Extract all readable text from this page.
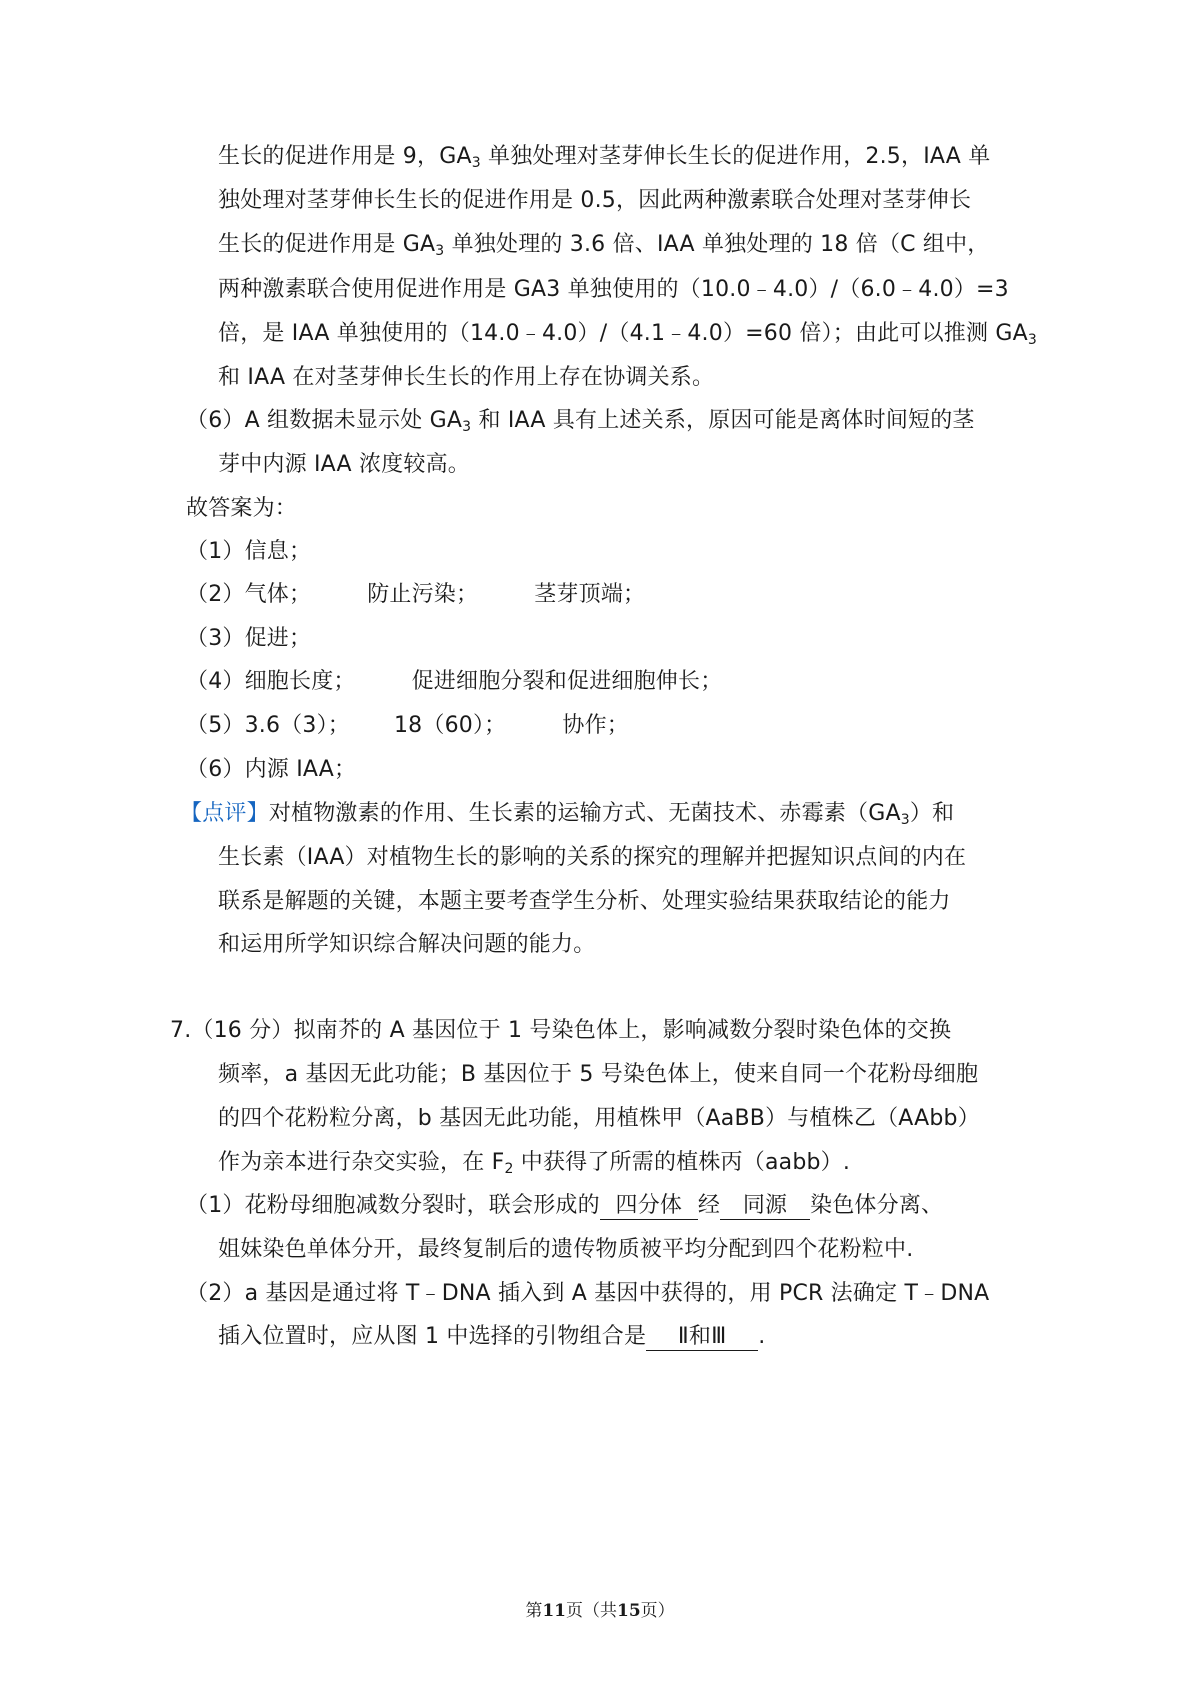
生长的促进作用是 9，$GA_3$ 单独处理对茎芽伸长生长的促进作用，2.5，IAA 单
独处理对茎芽伸长生长的促进作用是 0.5，因此两种激素联合处理对茎芽伸长
生长的促进作用是 $GA_3$ 单独处理的 3.6 倍、IAA 单独处理的 18 倍（C 组中，
两种激素联合使用促进作用是 GA3 单独使用的（10.0﹣4.0）/（6.0﹣4.0）=3
倍，是 IAA 单独使用的（14.0﹣4.0）/（4.1﹣4.0）=60 倍）；由此可以推测 $GA_3$
和 IAA 在对茎芽伸长生长的作用上存在协调关系。
（6）A 组数据未显示处 $GA_3$ 和 IAA 具有上述关系，原因可能是离体时间短的茎
芽中内源 IAA 浓度较高。
故答案为：
（1）信息；
（2）气体；	防止污染；	茎芽顶端；
（3）促进；
（4）细胞长度；	促进细胞分裂和促进细胞伸长；
（5）3.6（3）； 18（60）；	协作；
（6）内源 IAA；
【点评】对植物激素的作用、生长素的运输方式、无菌技术、赤霉素$(GA_3)$和
生长素（IAA）对植物生长的影响的关系的探究的理解并把握知识点间的内在
联系是解题的关键，本题主要考查学生分析、处理实验结果获取结论的能力
和运用所学知识综合解决问题的能力。
7.（16 分）拟南芥的 A 基因位于 1 号染色体上，影响减数分裂时染色体的交换
频率，a 基因无此功能；B 基因位于 5 号染色体上，使来自同一个花粉母细胞
的四个花粉粒分离，b 基因无此功能，用植株甲（AaBB）与植株乙（AAbb）
作为亲本进行杂交实验，在 $F_2$ 中获得了所需的植株丙（aabb）.
（1）花粉母细胞减数分裂时，联会形成的 四分体 经 同源 染色体分离、
姐妹染色单体分开，最终复制后的遗传物质被平均分配到四个花粉粒中.
（2）a 基因是通过将 T﹣DNA 插入到 A 基因中获得的，用 PCR 法确定 T﹣DNA
插入位置时，应从图 1 中选择的引物组合是 Ⅱ和Ⅲ .
第11页（共15页）
